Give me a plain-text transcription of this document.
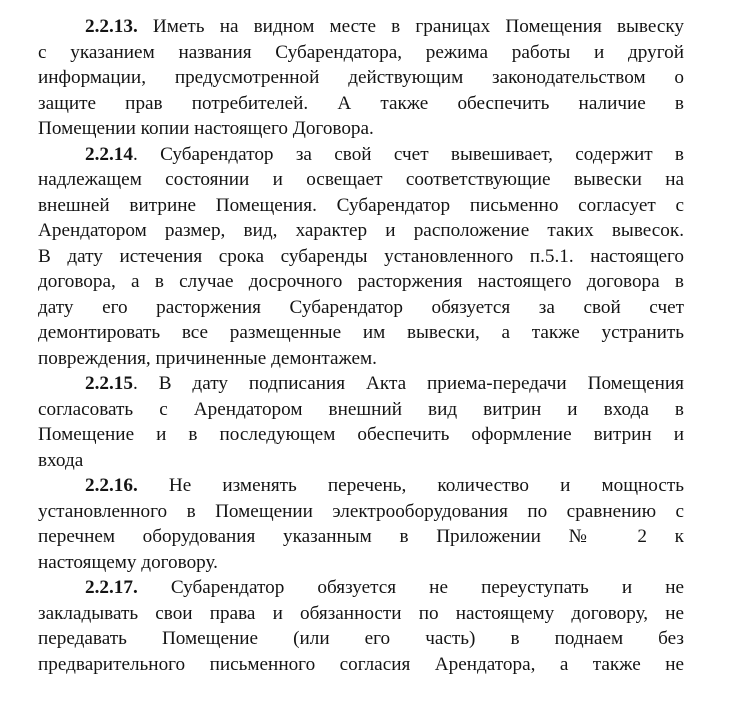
2.2.13. Иметь на видном месте в границах Помещения вывеску
с указанием названия Субарендатора, режима работы и другой
информации, предусмотренной действующим законодательством о
защите прав потребителей. А также обеспечить наличие в
Помещении копии настоящего Договора.

2.2.14. Субарендатор за свой счет вывешивает, содержит в
надлежащем состоянии и освещает соответствующие вывески на
внешней витрине Помещения. Субарендатор письменно согласует с
Арендатором размер, вид, характер и расположение таких вывесок.
В дату истечения срока субаренды установленного п.5.1. настоящего
договора, а в случае досрочного расторжения настоящего договора в
дату его расторжения Субарендатор обязуется за свой счет
демонтировать все размещенные им вывески, а также устранить
повреждения, причиненные демонтажем.

2.2.15. В дату подписания Акта приема-передачи Помещения
согласовать с Арендатором внешний вид витрин и входа в
Помещение и в последующем обеспечить оформление витрин и
входа

2.2.16. Не изменять перечень, количество и мощность
установленного в Помещении электрооборудования по сравнению с
перечнем оборудования указанным в Приложении № 2 к
настоящему договору.

2.2.17. Субарендатор обязуется не переуступать и не
закладывать свои права и обязанности по настоящему договору, не
передавать Помещение (или его часть) в поднаем без
предварительного письменного согласия Арендатора, а также не
